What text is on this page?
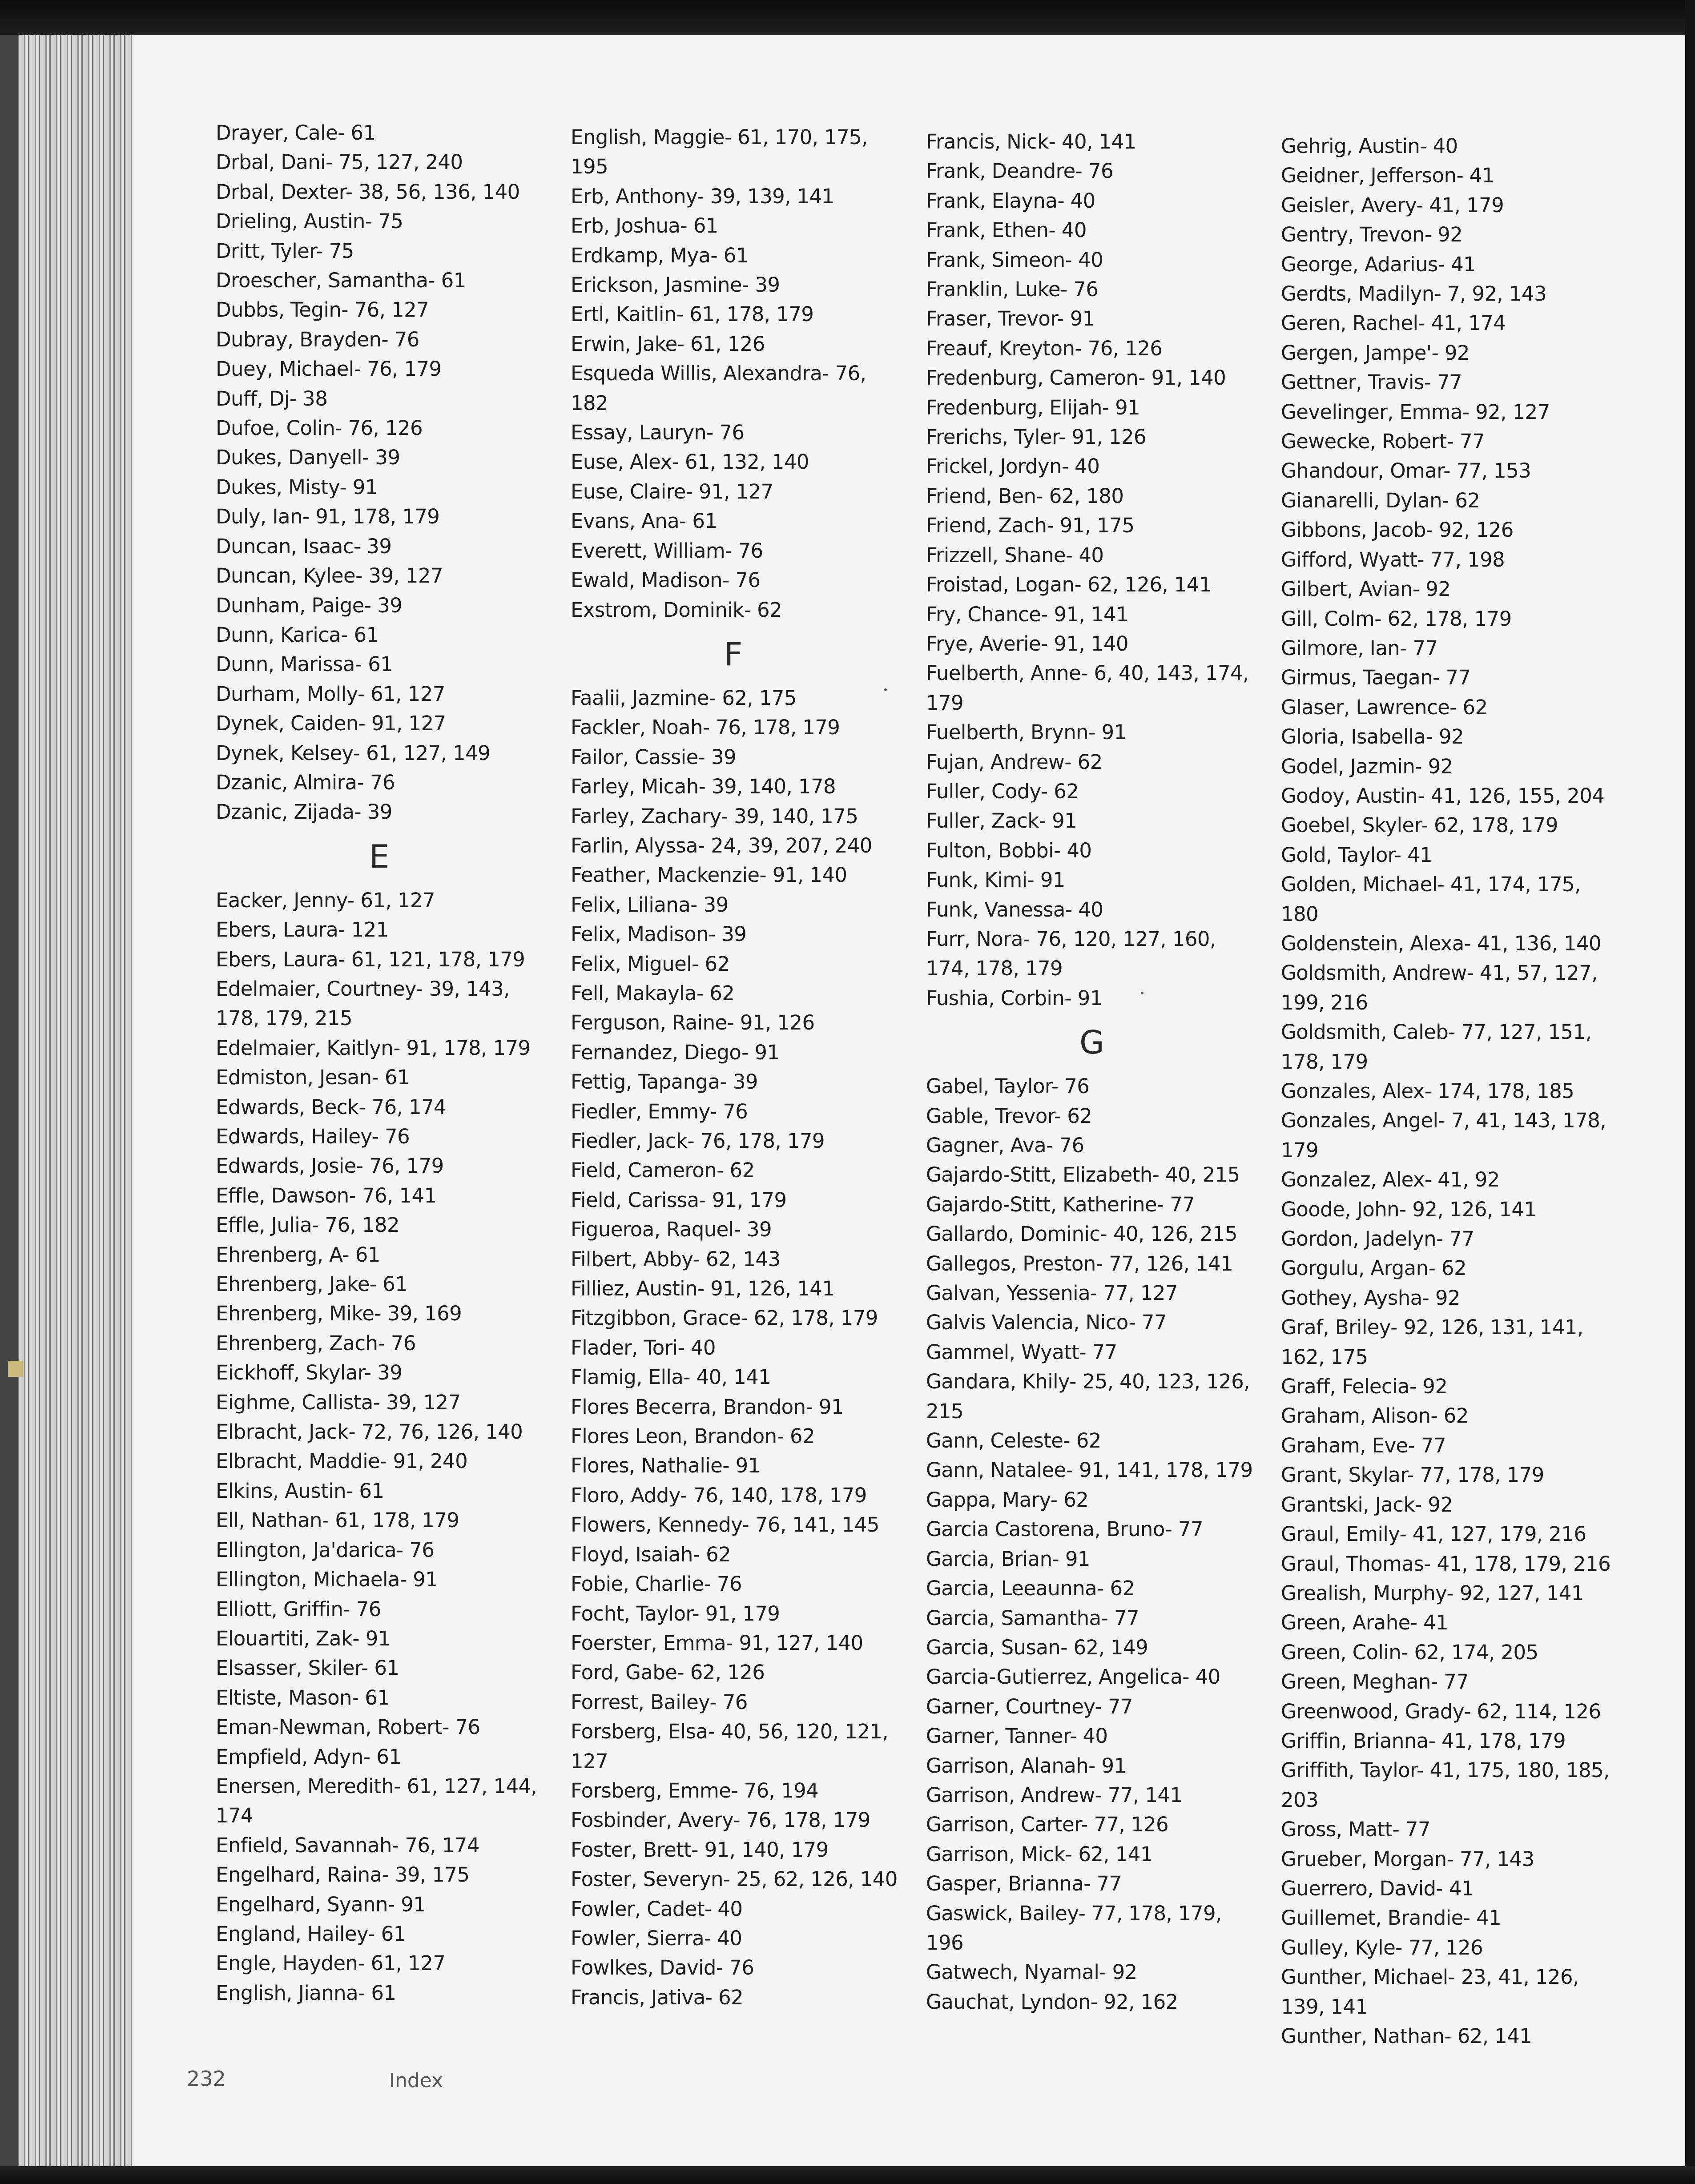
Drayer, Cale- 61
Drbal, Dani- 75, 127, 240
Drbal, Dexter- 38, 56, 136, 140
Drieling, Austin- 75
Dritt, Tyler- 75
Droescher, Samantha- 61
Dubbs, Tegin- 76, 127
Dubray, Brayden- 76
Duey, Michael- 76, 179
Duff, Dj- 38
Dufoe, Colin- 76, 126
Dukes, Danyell- 39
Dukes, Misty- 91
Duly, Ian- 91, 178, 179
Duncan, Isaac- 39
Duncan, Kylee- 39, 127
Dunham, Paige- 39
Dunn, Karica- 61
Dunn, Marissa- 61
Durham, Molly- 61, 127
Dynek, Caiden- 91, 127
Dynek, Kelsey- 61, 127, 149
Dzanic, Almira- 76
Dzanic, Zijada- 39
E
Eacker, Jenny- 61, 127
Ebers, Laura- 121
Ebers, Laura- 61, 121, 178, 179
Edelmaier, Courtney- 39, 143,
178, 179, 215
Edelmaier, Kaitlyn- 91, 178, 179
Edmiston, Jesan- 61
Edwards, Beck- 76, 174
Edwards, Hailey- 76
Edwards, Josie- 76, 179
Effle, Dawson- 76, 141
Effle, Julia- 76, 182
Ehrenberg, A- 61
Ehrenberg, Jake- 61
Ehrenberg, Mike- 39, 169
Ehrenberg, Zach- 76
Eickhoff, Skylar- 39
Eighme, Callista- 39, 127
Elbracht, Jack- 72, 76, 126, 140
Elbracht, Maddie- 91, 240
Elkins, Austin- 61
Ell, Nathan- 61, 178, 179
Ellington, Ja'darica- 76
Ellington, Michaela- 91
Elliott, Griffin- 76
Elouartiti, Zak- 91
Elsasser, Skiler- 61
Eltiste, Mason- 61
Eman-Newman, Robert- 76
Empfield, Adyn- 61
Enersen, Meredith- 61, 127, 144,
174
Enfield, Savannah- 76, 174
Engelhard, Raina- 39, 175
Engelhard, Syann- 91
England, Hailey- 61
Engle, Hayden- 61, 127
English, Jianna- 61
English, Maggie- 61, 170, 175,
195
Erb, Anthony- 39, 139, 141
Erb, Joshua- 61
Erdkamp, Mya- 61
Erickson, Jasmine- 39
Ertl, Kaitlin- 61, 178, 179
Erwin, Jake- 61, 126
Esqueda Willis, Alexandra- 76,
182
Essay, Lauryn- 76
Euse, Alex- 61, 132, 140
Euse, Claire- 91, 127
Evans, Ana- 61
Everett, William- 76
Ewald, Madison- 76
Exstrom, Dominik- 62
F
Faalii, Jazmine- 62, 175
Fackler, Noah- 76, 178, 179
Failor, Cassie- 39
Farley, Micah- 39, 140, 178
Farley, Zachary- 39, 140, 175
Farlin, Alyssa- 24, 39, 207, 240
Feather, Mackenzie- 91, 140
Felix, Liliana- 39
Felix, Madison- 39
Felix, Miguel- 62
Fell, Makayla- 62
Ferguson, Raine- 91, 126
Fernandez, Diego- 91
Fettig, Tapanga- 39
Fiedler, Emmy- 76
Fiedler, Jack- 76, 178, 179
Field, Cameron- 62
Field, Carissa- 91, 179
Figueroa, Raquel- 39
Filbert, Abby- 62, 143
Filliez, Austin- 91, 126, 141
Fitzgibbon, Grace- 62, 178, 179
Flader, Tori- 40
Flamig, Ella- 40, 141
Flores Becerra, Brandon- 91
Flores Leon, Brandon- 62
Flores, Nathalie- 91
Floro, Addy- 76, 140, 178, 179
Flowers, Kennedy- 76, 141, 145
Floyd, Isaiah- 62
Fobie, Charlie- 76
Focht, Taylor- 91, 179
Foerster, Emma- 91, 127, 140
Ford, Gabe- 62, 126
Forrest, Bailey- 76
Forsberg, Elsa- 40, 56, 120, 121,
127
Forsberg, Emme- 76, 194
Fosbinder, Avery- 76, 178, 179
Foster, Brett- 91, 140, 179
Foster, Severyn- 25, 62, 126, 140
Fowler, Cadet- 40
Fowler, Sierra- 40
Fowlkes, David- 76
Francis, Jativa- 62
Francis, Nick- 40, 141
Frank, Deandre- 76
Frank, Elayna- 40
Frank, Ethen- 40
Frank, Simeon- 40
Franklin, Luke- 76
Fraser, Trevor- 91
Freauf, Kreyton- 76, 126
Fredenburg, Cameron- 91, 140
Fredenburg, Elijah- 91
Frerichs, Tyler- 91, 126
Frickel, Jordyn- 40
Friend, Ben- 62, 180
Friend, Zach- 91, 175
Frizzell, Shane- 40
Froistad, Logan- 62, 126, 141
Fry, Chance- 91, 141
Frye, Averie- 91, 140
Fuelberth, Anne- 6, 40, 143, 174,
179
Fuelberth, Brynn- 91
Fujan, Andrew- 62
Fuller, Cody- 62
Fuller, Zack- 91
Fulton, Bobbi- 40
Funk, Kimi- 91
Funk, Vanessa- 40
Furr, Nora- 76, 120, 127, 160,
174, 178, 179
Fushia, Corbin- 91
G
Gabel, Taylor- 76
Gable, Trevor- 62
Gagner, Ava- 76
Gajardo-Stitt, Elizabeth- 40, 215
Gajardo-Stitt, Katherine- 77
Gallardo, Dominic- 40, 126, 215
Gallegos, Preston- 77, 126, 141
Galvan, Yessenia- 77, 127
Galvis Valencia, Nico- 77
Gammel, Wyatt- 77
Gandara, Khily- 25, 40, 123, 126,
215
Gann, Celeste- 62
Gann, Natalee- 91, 141, 178, 179
Gappa, Mary- 62
Garcia Castorena, Bruno- 77
Garcia, Brian- 91
Garcia, Leeaunna- 62
Garcia, Samantha- 77
Garcia, Susan- 62, 149
Garcia-Gutierrez, Angelica- 40
Garner, Courtney- 77
Garner, Tanner- 40
Garrison, Alanah- 91
Garrison, Andrew- 77, 141
Garrison, Carter- 77, 126
Garrison, Mick- 62, 141
Gasper, Brianna- 77
Gaswick, Bailey- 77, 178, 179,
196
Gatwech, Nyamal- 92
Gauchat, Lyndon- 92, 162
Gehrig, Austin- 40
Geidner, Jefferson- 41
Geisler, Avery- 41, 179
Gentry, Trevon- 92
George, Adarius- 41
Gerdts, Madilyn- 7, 92, 143
Geren, Rachel- 41, 174
Gergen, Jampe'- 92
Gettner, Travis- 77
Gevelinger, Emma- 92, 127
Gewecke, Robert- 77
Ghandour, Omar- 77, 153
Gianarelli, Dylan- 62
Gibbons, Jacob- 92, 126
Gifford, Wyatt- 77, 198
Gilbert, Avian- 92
Gill, Colm- 62, 178, 179
Gilmore, Ian- 77
Girmus, Taegan- 77
Glaser, Lawrence- 62
Gloria, Isabella- 92
Godel, Jazmin- 92
Godoy, Austin- 41, 126, 155, 204
Goebel, Skyler- 62, 178, 179
Gold, Taylor- 41
Golden, Michael- 41, 174, 175,
180
Goldenstein, Alexa- 41, 136, 140
Goldsmith, Andrew- 41, 57, 127,
199, 216
Goldsmith, Caleb- 77, 127, 151,
178, 179
Gonzales, Alex- 174, 178, 185
Gonzales, Angel- 7, 41, 143, 178,
179
Gonzalez, Alex- 41, 92
Goode, John- 92, 126, 141
Gordon, Jadelyn- 77
Gorgulu, Argan- 62
Gothey, Aysha- 92
Graf, Briley- 92, 126, 131, 141,
162, 175
Graff, Felecia- 92
Graham, Alison- 62
Graham, Eve- 77
Grant, Skylar- 77, 178, 179
Grantski, Jack- 92
Graul, Emily- 41, 127, 179, 216
Graul, Thomas- 41, 178, 179, 216
Grealish, Murphy- 92, 127, 141
Green, Arahe- 41
Green, Colin- 62, 174, 205
Green, Meghan- 77
Greenwood, Grady- 62, 114, 126
Griffin, Brianna- 41, 178, 179
Griffith, Taylor- 41, 175, 180, 185,
203
Gross, Matt- 77
Grueber, Morgan- 77, 143
Guerrero, David- 41
Guillemet, Brandie- 41
Gulley, Kyle- 77, 126
Gunther, Michael- 23, 41, 126,
139, 141
Gunther, Nathan- 62, 141
232	Index
